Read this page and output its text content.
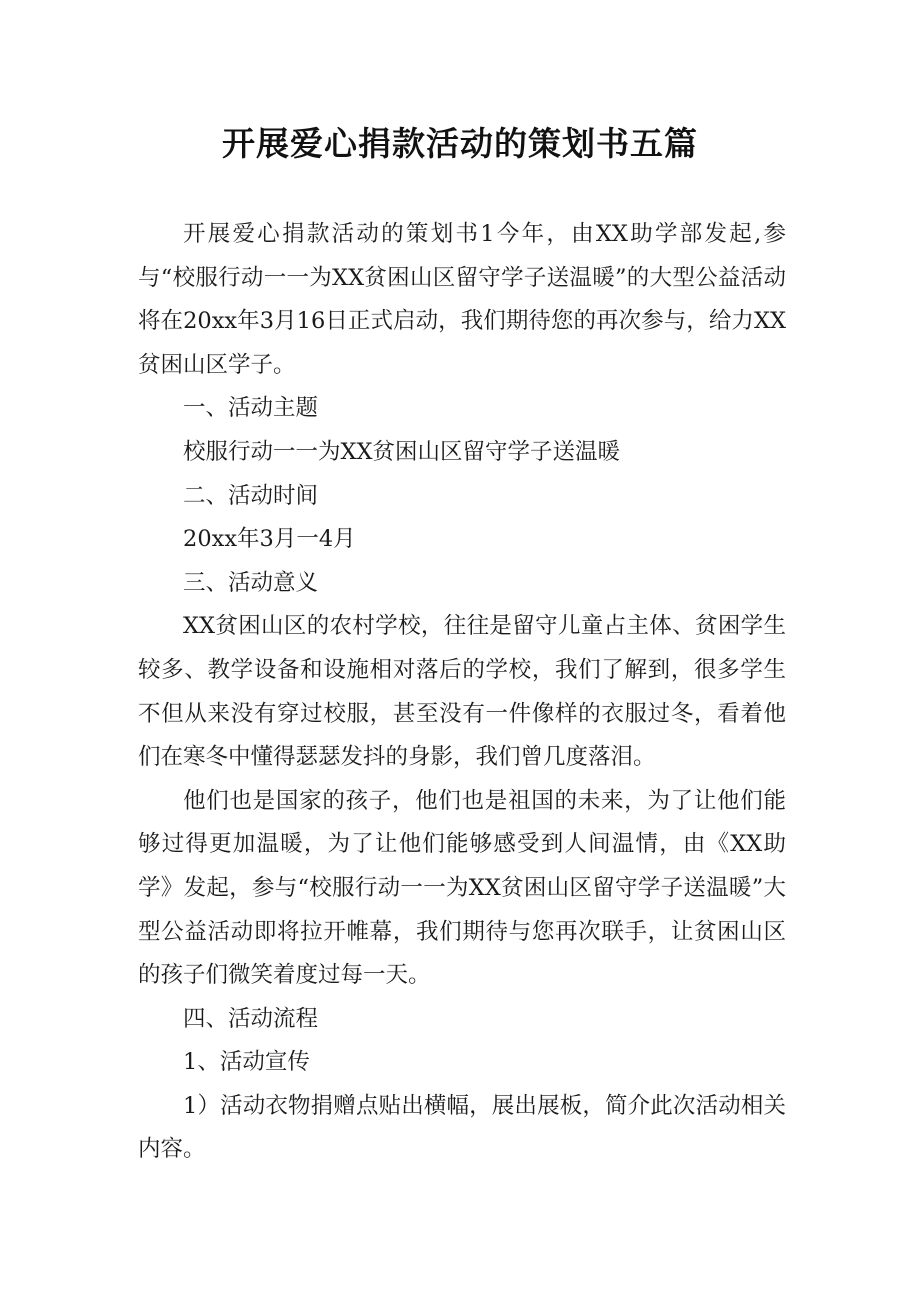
开展爱心捐款活动的策划书五篇

开展爱心捐款活动的策划书1今年，由XX助学部发起,参与“校服行动一一为XX贫困山区留守学子送温暖”的大型公益活动将在20xx年3月16日正式启动，我们期待您的再次参与，给力XX贫困山区学子。

一、活动主题

校服行动一一为XX贫困山区留守学子送温暖

二、活动时间

20xx年3月一4月

三、活动意义

XX贫困山区的农村学校，往往是留守儿童占主体、贫困学生较多、教学设备和设施相对落后的学校，我们了解到，很多学生不但从来没有穿过校服，甚至没有一件像样的衣服过冬，看着他们在寒冬中懂得瑟瑟发抖的身影，我们曾几度落泪。

他们也是国家的孩子，他们也是祖国的未来，为了让他们能够过得更加温暖，为了让他们能够感受到人间温情，由《XX助学》发起，参与“校服行动一一为XX贫困山区留守学子送温暖”大型公益活动即将拉开帷幕，我们期待与您再次联手，让贫困山区的孩子们微笑着度过每一天。

四、活动流程

1、活动宣传

1）活动衣物捐赠点贴出横幅，展出展板，简介此次活动相关内容。
